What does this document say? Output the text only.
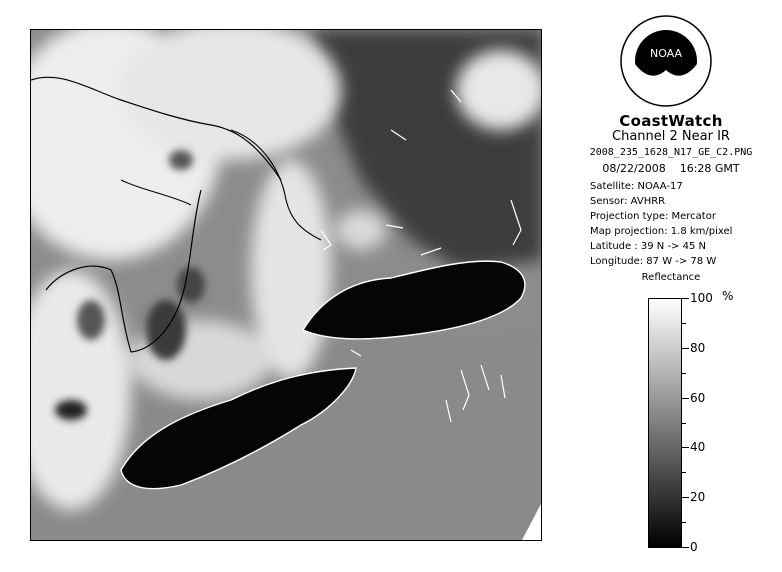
NOAA
CoastWatch
Channel 2 Near IR
2008_235_1628_N17_GE_C2.PNG
08/22/2008    16:28 GMT
Satellite: NOAA-17
Sensor: AVHRR
Projection type: Mercator
Map projection: 1.8 km/pixel
Latitude : 39 N -> 45 N
Longitude: 87 W -> 78 W
Reflectance
%
100
80
60
40
20
0
